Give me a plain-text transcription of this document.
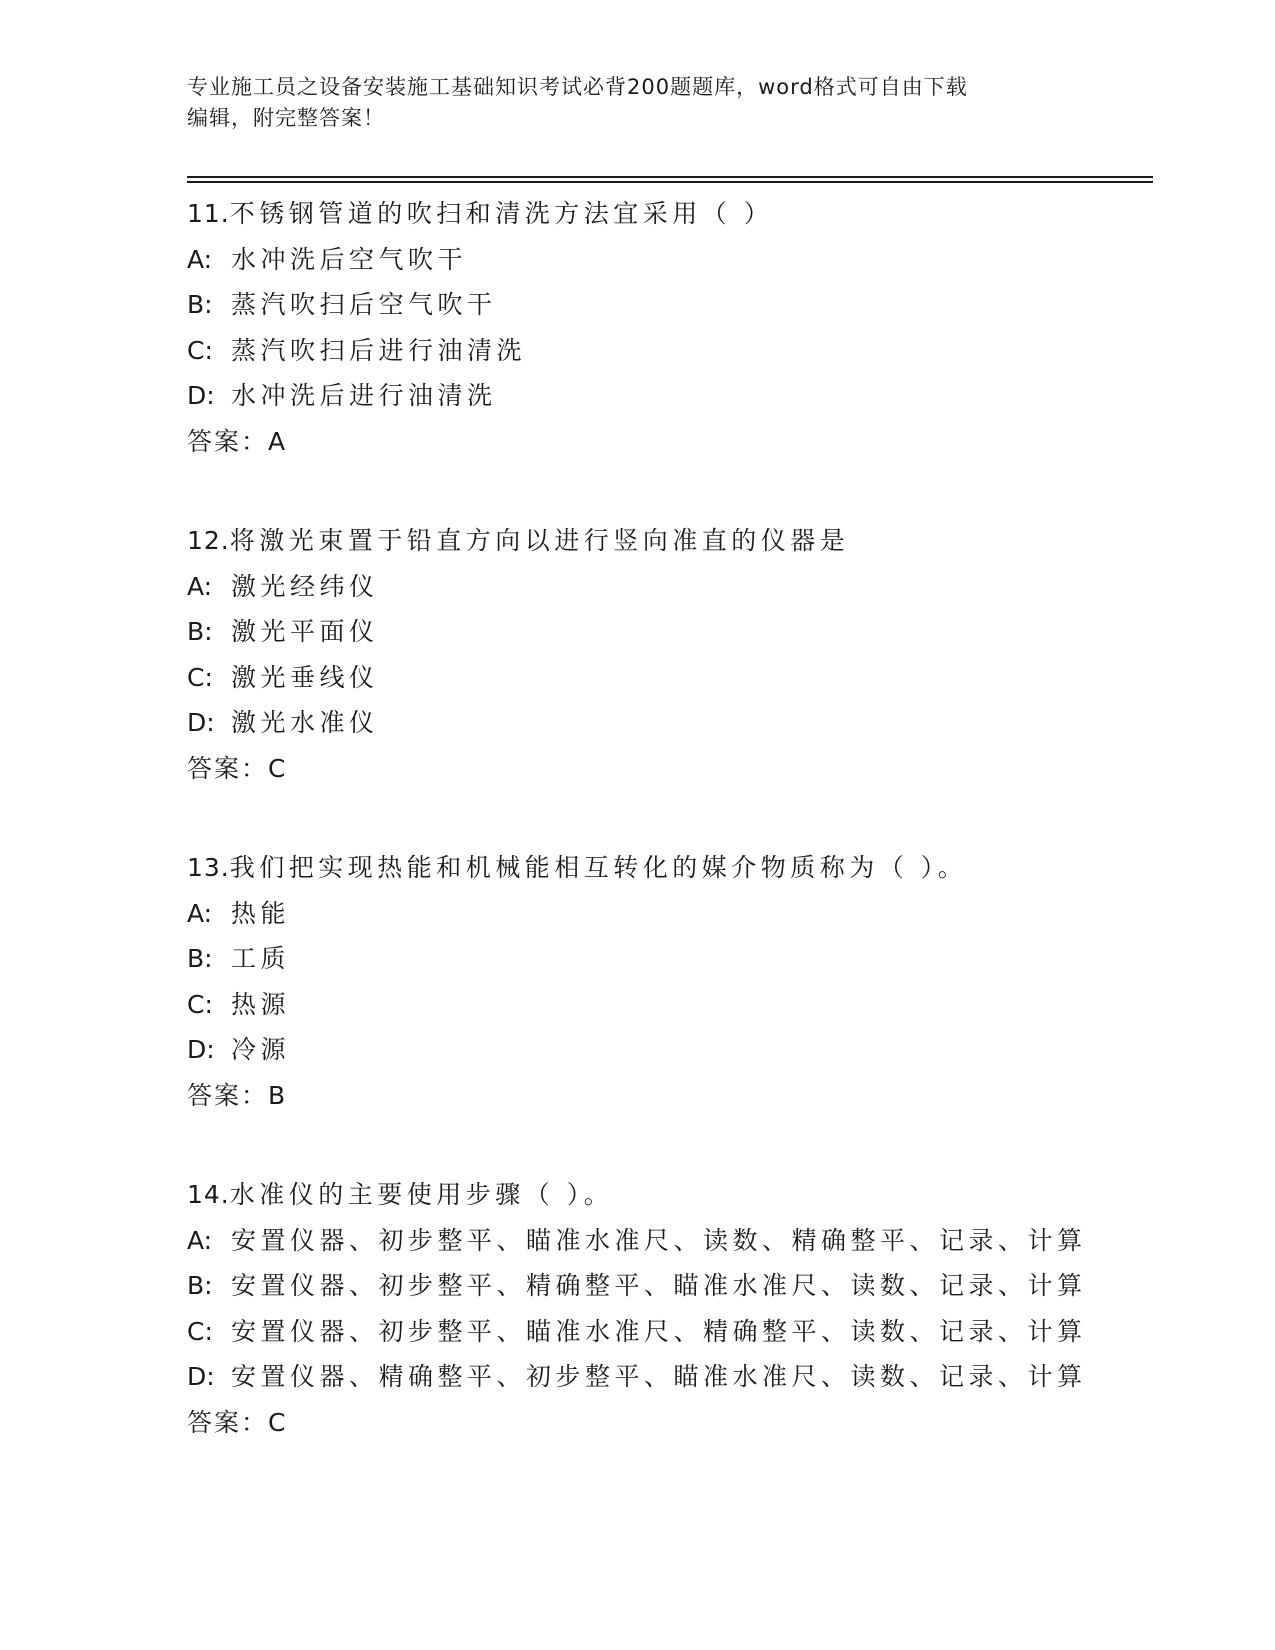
专业施工员之设备安装施工基础知识考试必背200题题库，word格式可自由下载
编辑，附完整答案！
11.不锈钢管道的吹扫和清洗方法宜采用（ ）
A: 水冲洗后空气吹干
B: 蒸汽吹扫后空气吹干
C: 蒸汽吹扫后进行油清洗
D: 水冲洗后进行油清洗
答案：A
12.将激光束置于铅直方向以进行竖向准直的仪器是
A: 激光经纬仪
B: 激光平面仪
C: 激光垂线仪
D: 激光水准仪
答案：C
13.我们把实现热能和机械能相互转化的媒介物质称为（ ）。
A: 热能
B: 工质
C: 热源
D: 冷源
答案：B
14.水准仪的主要使用步骤（ ）。
A: 安置仪器、初步整平、瞄准水准尺、读数、精确整平、记录、计算
B: 安置仪器、初步整平、精确整平、瞄准水准尺、读数、记录、计算
C: 安置仪器、初步整平、瞄准水准尺、精确整平、读数、记录、计算
D: 安置仪器、精确整平、初步整平、瞄准水准尺、读数、记录、计算
答案：C
